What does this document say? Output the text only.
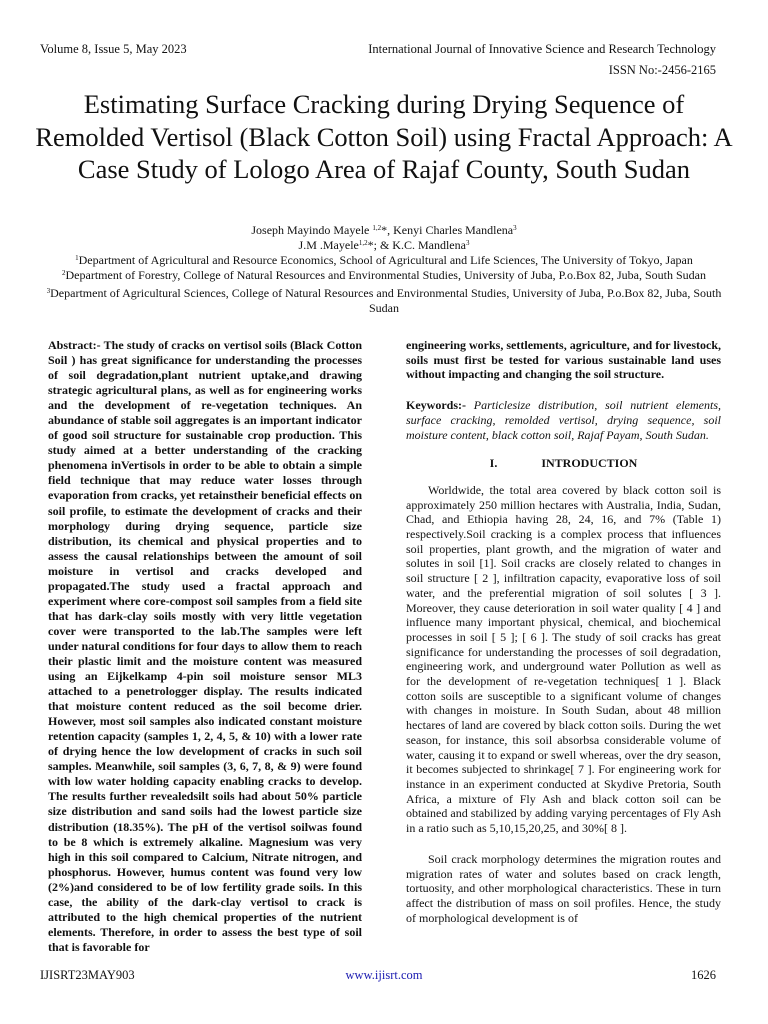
Volume 8, Issue 5, May 2023	International Journal of Innovative Science and Research Technology
ISSN No:-2456-2165
Estimating Surface Cracking during Drying Sequence of Remolded Vertisol (Black Cotton Soil) using Fractal Approach: A Case Study of Lologo Area of Rajaf County, South Sudan
Joseph Mayindo Mayele $^{1,2}$*, Kenyi Charles Mandlena$^3$
J.M .Mayele$^{1,2}$*; & K.C. Mandlena$^3$
$^1$Department of Agricultural and Resource Economics, School of Agricultural and Life Sciences, The University of Tokyo, Japan
$^2$Department of Forestry, College of Natural Resources and Environmental Studies, University of Juba, P.o.Box 82, Juba, South Sudan
$^3$Department of Agricultural Sciences, College of Natural Resources and Environmental Studies, University of Juba, P.o.Box 82, Juba, South Sudan

Abstract:- The study of cracks on vertisol soils (Black Cotton Soil ) has great significance for understanding the processes of soil degradation,plant nutrient uptake,and drawing strategic agricultural plans, as well as for engineering works and the development of re-vegetation techniques. An abundance of stable soil aggregates is an important indicator of good soil structure for sustainable crop production. This study aimed at a better understanding of the cracking phenomena inVertisols in order to be able to obtain a simple field technique that may reduce water losses through evaporation from cracks, yet retainstheir beneficial effects on soil profile, to estimate the development of cracks and their morphology during drying sequence, particle size distribution, its chemical and physical properties and to assess the causal relationships between the amount of soil moisture in vertisol and cracks developed and propagated.The study used a fractal approach and experiment where core-compost soil samples from a field site that has dark-clay soils mostly with very little vegetation cover were transported to the lab.The samples were left under natural conditions for four days to allow them to reach their plastic limit and the moisture content was measured using an Eijkelkamp 4-pin soil moisture sensor ML3 attached to a penetrologger display. The results indicated that moisture content reduced as the soil become drier. However, most soil samples also indicated constant moisture retention capacity (samples 1, 2, 4, 5, & 10) with a lower rate of drying hence the low development of cracks in such soil samples. Meanwhile, soil samples (3, 6, 7, 8, & 9) were found with low water holding capacity enabling cracks to develop. The results further revealedsilt soils had about 50% particle size distribution and sand soils had the lowest particle size distribution (18.35%). The pH of the vertisol soilwas found to be 8 which is extremely alkaline. Magnesium was very high in this soil compared to Calcium, Nitrate nitrogen, and phosphorus. However, humus content was found very low (2%)and considered to be of low fertility grade soils. In this case, the ability of the dark-clay vertisol to crack is attributed to the high chemical properties of the nutrient elements. Therefore, in order to assess the best type of soil that is favorable for

engineering works, settlements, agriculture, and for livestock, soils must first be tested for various sustainable land uses without impacting and changing the soil structure.

Keywords:- Particlesize distribution, soil nutrient elements, surface cracking, remolded vertisol, drying sequence, soil moisture content, black cotton soil, Rajaf Payam, South Sudan.

I.	INTRODUCTION

Worldwide, the total area covered by black cotton soil is approximately 250 million hectares with Australia, India, Sudan, Chad, and Ethiopia having 28, 24, 16, and 7% (Table 1) respectively.Soil cracking is a complex process that influences soil properties, plant growth, and the migration of water and solutes in soil [1]. Soil cracks are closely related to changes in soil structure [ 2 ], infiltration capacity, evaporative loss of soil water, and the preferential migration of soil solutes [ 3 ]. Moreover, they cause deterioration in soil water quality [ 4 ] and influence many important physical, chemical, and biochemical processes in soil [ 5 ]; [ 6 ]. The study of soil cracks has great significance for understanding the processes of soil degradation, engineering work, and underground water Pollution as well as for the development of re-vegetation techniques[ 1 ]. Black cotton soils are susceptible to a significant volume of changes with changes in moisture. In South Sudan, about 48 million hectares of land are covered by black cotton soils. During the wet season, for instance, this soil absorbsa considerable volume of water, causing it to expand or swell whereas, over the dry season, it becomes subjected to shrinkage[ 7 ]. For engineering work for instance in an experiment conducted at Skydive Pretoria, South Africa, a mixture of Fly Ash and black cotton soil can be obtained and stabilized by adding varying percentages of Fly Ash in a ratio such as 5,10,15,20,25, and 30%[ 8 ].

Soil crack morphology determines the migration routes and migration rates of water and solutes based on crack length, tortuosity, and other morphological characteristics. These in turn affect the distribution of mass on soil profiles. Hence, the study of morphological development is of

IJISRT23MAY903	www.ijisrt.com	1626
